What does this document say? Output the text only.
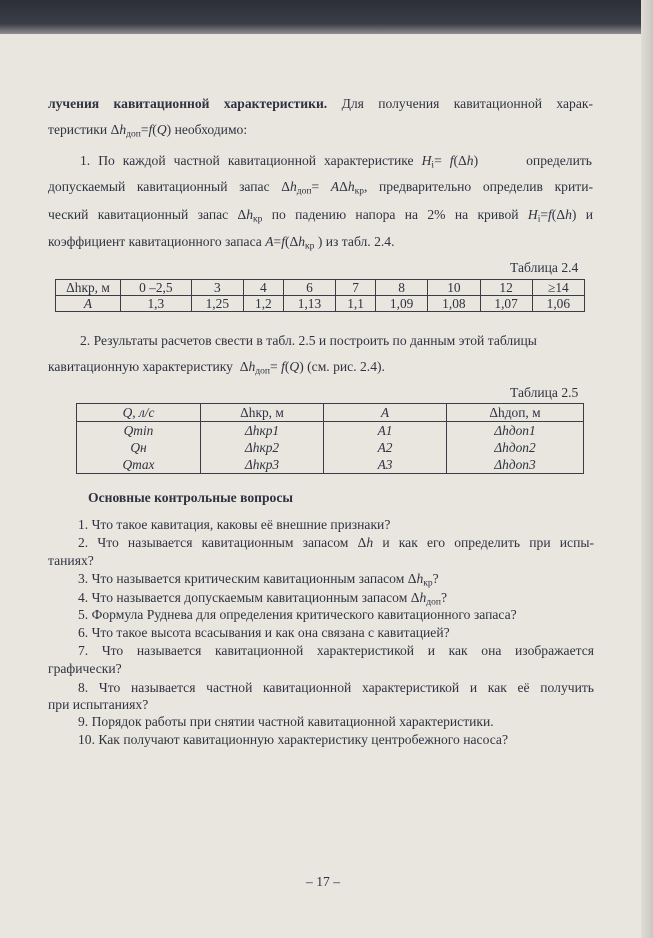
лучения кавитационной характеристики. Для получения кавитационной харак-

теристики $\Delta h_{доп}=f(Q)$ необходимо:

1. По каждой частной кавитационной характеристике $H_i= f(\Delta h)$      определить

допускаемый кавитационный запас $\Delta h_{доп}= A\Delta h_{кр}$, предварительно определив крити-

ческий кавитационный запас $\Delta h_{кр}$ по падению напора на 2% на кривой $H_i=f(\Delta h)$ и

коэффициент кавитационного запаса $A=f(\Delta h_{кр}$ ) из табл. 2.4.

Таблица 2.4
Δhкр, м	0 –2,5	3	4	6	7	8	10	12	≥14
A	1,3	1,25	1,2	1,13	1,1	1,09	1,08	1,07	1,06

2. Результаты расчетов свести в табл. 2.5 и построить по данным этой таблицы

кавитационную характеристику  $\Delta h_{доп}= f(Q)$ (см. рис. 2.4).

Таблица 2.5
Q, л/с	Δhкр, м	A	Δhдоп, м
Qmin	Δhкр1	A1	Δhдоп1
Qн	Δhкр2	A2	Δhдоп2
Qmax	Δhкр3	A3	Δhдоп3

Основные контрольные вопросы

1. Что такое кавитация, каковы её внешние признаки?

2. Что называется кавитационным запасом Δh и как его определить при испы-

таниях?

3. Что называется критическим кавитационным запасом $\Delta h_{кр}$?

4. Что называется допускаемым кавитационным запасом $\Delta h_{доп}$?

5. Формула Руднева для определения критического кавитационного запаса?

6. Что такое высота всасывания и как она связана с кавитацией?

7. Что называется кавитационной характеристикой и как она изображается

графически?

8. Что называется частной кавитационной характеристикой и как её получить

при испытаниях?

9. Порядок работы при снятии частной кавитационной характеристики.

10. Как получают кавитационную характеристику центробежного насоса?

– 17 –
